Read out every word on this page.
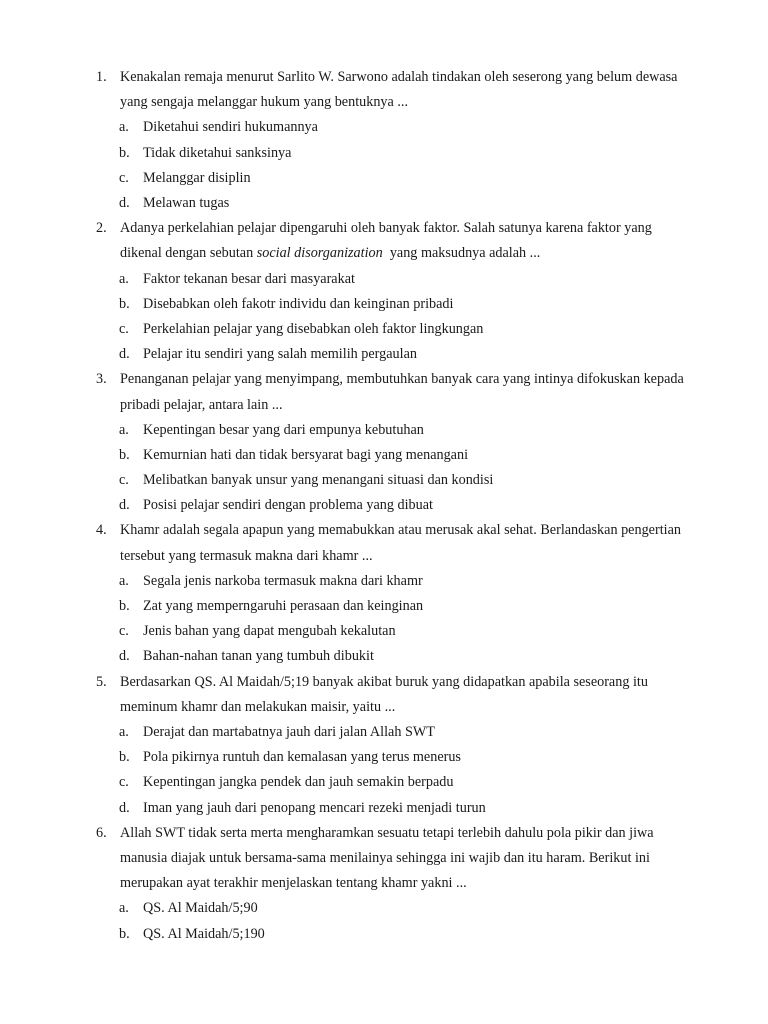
1. Kenakalan remaja menurut Sarlito W. Sarwono adalah tindakan oleh seserong yang belum dewasa yang sengaja melanggar hukum yang bentuknya ...
a. Diketahui sendiri hukumannya
b. Tidak diketahui sanksinya
c. Melanggar disiplin
d. Melawan tugas
2. Adanya perkelahian pelajar dipengaruhi oleh banyak faktor. Salah satunya karena faktor yang dikenal dengan sebutan social disorganization  yang maksudnya adalah ...
a. Faktor tekanan besar dari masyarakat
b. Disebabkan oleh fakotr individu dan keinginan pribadi
c. Perkelahian pelajar yang disebabkan oleh faktor lingkungan
d. Pelajar itu sendiri yang salah memilih pergaulan
3. Penanganan pelajar yang menyimpang, membutuhkan banyak cara yang intinya difokuskan kepada pribadi pelajar, antara lain ...
a. Kepentingan besar yang dari empunya kebutuhan
b. Kemurnian hati dan tidak bersyarat bagi yang menangani
c. Melibatkan banyak unsur yang menangani situasi dan kondisi
d. Posisi pelajar sendiri dengan problema yang dibuat
4. Khamr adalah segala apapun yang memabukkan atau merusak akal sehat. Berlandaskan pengertian tersebut yang termasuk makna dari khamr ...
a. Segala jenis narkoba termasuk makna dari khamr
b. Zat yang memperngaruhi perasaan dan keinginan
c. Jenis bahan yang dapat mengubah kekalutan
d. Bahan-nahan tanan yang tumbuh dibukit
5. Berdasarkan QS. Al Maidah/5;19 banyak akibat buruk yang didapatkan apabila seseorang itu meminum khamr dan melakukan maisir, yaitu ...
a. Derajat dan martabatnya jauh dari jalan Allah SWT
b. Pola pikirnya runtuh dan kemalasan yang terus menerus
c. Kepentingan jangka pendek dan jauh semakin berpadu
d. Iman yang jauh dari penopang mencari rezeki menjadi turun
6. Allah SWT tidak serta merta mengharamkan sesuatu tetapi terlebih dahulu pola pikir dan jiwa manusia diajak untuk bersama-sama menilainya sehingga ini wajib dan itu haram. Berikut ini merupakan ayat terakhir menjelaskan tentang khamr yakni ...
a. QS. Al Maidah/5;90
b. QS. Al Maidah/5;190
